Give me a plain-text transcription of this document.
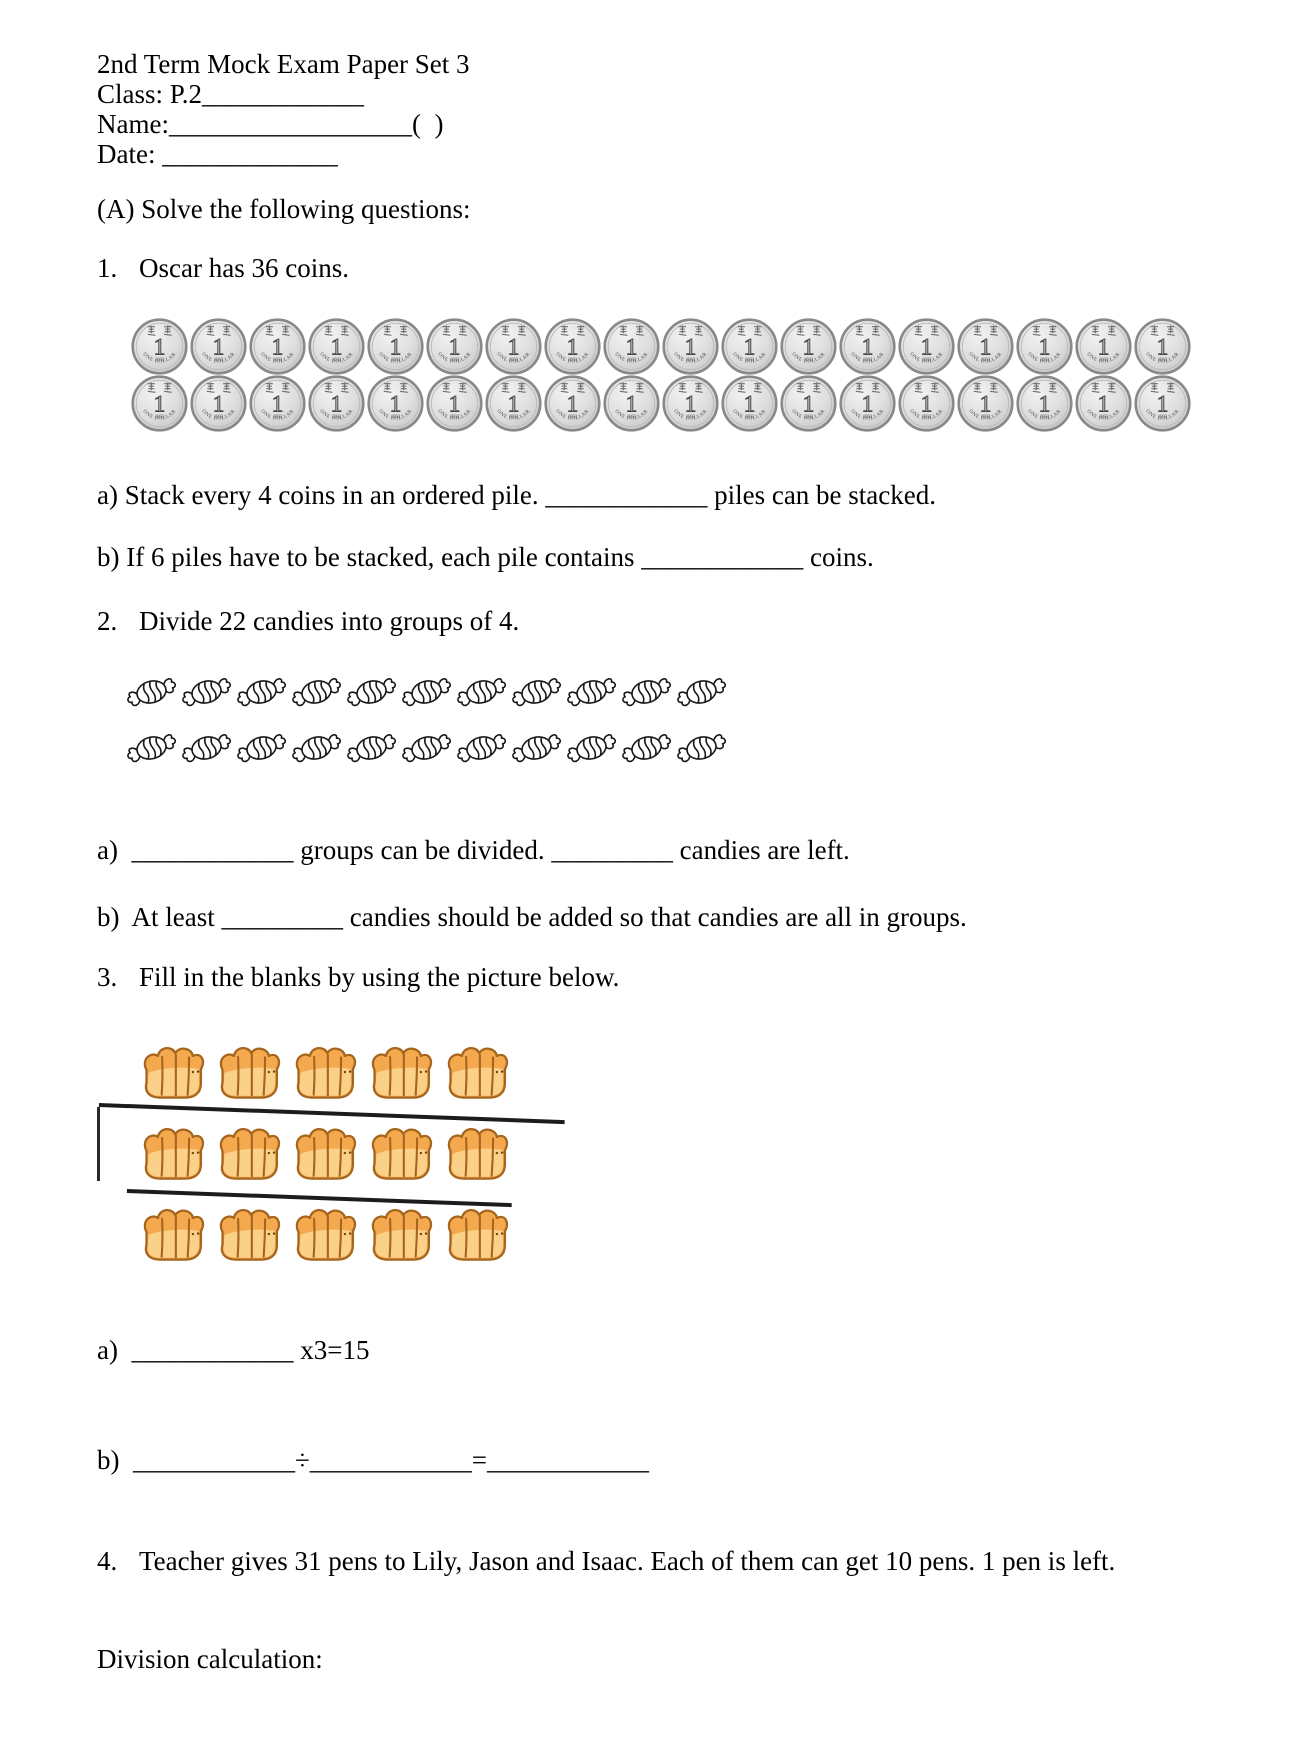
2nd Term Mock Exam Paper Set 3
Class: P.2____________
Name:__________________(  )
Date: _____________
(A) Solve the following questions:
1. Oscar has 36 coins.
a) Stack every 4 coins in an ordered pile. ____________ piles can be stacked.
b) If 6 piles have to be stacked, each pile contains ____________ coins.
2. Divide 22 candies into groups of 4.
a)  ____________ groups can be divided. _________ candies are left.
b)  At least _________ candies should be added so that candies are all in groups.
3. Fill in the blanks by using the picture below.
a)  ____________ x3=15
b)  ____________÷____________=____________
4. Teacher gives 31 pens to Lily, Jason and Isaac. Each of them can get 10 pens. 1 pen is left.
Division calculation:
